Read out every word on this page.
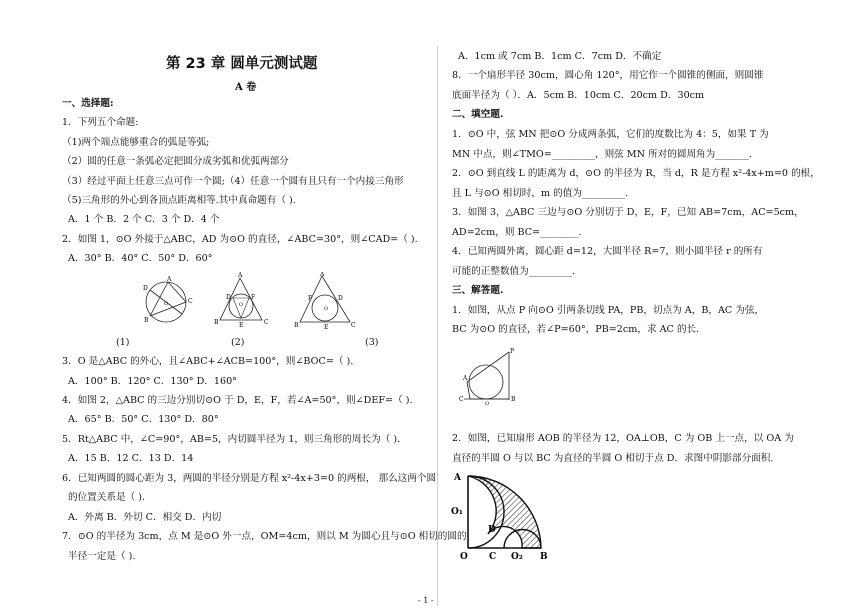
第 23 章 圆单元测试题
A 卷
一、选择题:
1．下列五个命题:
（1)两个端点能够重合的弧是等弧;
（2）圆的任意一条弧必定把圆分成劣弧和优弧两部分
（3）经过平面上任意三点可作一个圆;（4）任意一个圆有且只有一个内接三角形
（5)三角形的外心到各顶点距离相等.其中真命题有（ ).
A．1 个 B．2 个 C．3 个 D．4 个
2．如图 1，⊙O 外接于△ABC，AD 为⊙O 的直径，∠ABC=30°，则∠CAD=（ ).
A．30° B．40° C．50° D．60°
D
A
C
B
O
A
D	F
O
E	C
B
A
F	D
O
E
B	C
(1)	(2)	(3)
3．O 是△ABC 的外心，且∠ABC+∠ACB=100°，则∠BOC=（ ).
A．100° B．120° C．130° D．160°
4．如图 2，△ABC 的三边分别切⊙O 于 D，E，F，若∠A=50°，则∠DEF=（ ).
A．65° B．50° C．130° D．80°
5．Rt△ABC 中，∠C=90°，AB=5，内切圆半径为 1，则三角形的周长为（ ).
A．15 B．12 C．13 D．14
6．已知两圆的圆心距为 3，两圆的半径分别是方程 x²-4x+3=0 的两根， 那么这两个圆
的位置关系是（ ).
A．外离 B．外切 C．相交 D．内切
7．⊙O 的半径为 3cm，点 M 是⊙O 外一点，OM=4cm，则以 M 为圆心且与⊙O 相切的圆的
半径一定是（ ).
A．1cm 或 7cm B．1cm C．7cm D．不确定
8．一个扇形半径 30cm，圆心角 120°，用它作一个圆锥的侧面，则圆锥
底面半径为（ ）．A．5cm B．10cm C．20cm D．30cm
二、填空题.
1．⊙O 中，弦 MN 把⊙O 分成两条弧，它们的度数比为 4：5，如果 T 为
MN 中点，则∠TMO=_________，则弦 MN 所对的圆周角为_______.
2．⊙O 到直线 L 的距离为 d，⊙O 的半径为 R，当 d，R 是方程 x²-4x+m=0 的根，
且 L 与⊙O 相切时，m 的值为_________.
3．如图 3，△ABC 三边与⊙O 分别切于 D，E，F，已知 AB=7cm，AC=5cm，
AD=2cm，则 BC=________.
4．已知两圆外离，圆心距 d=12，大圆半径 R=7，则小圆半径 r 的所有
可能的正整数值为_________.
三、解答题.
1．如图，从点 P 向⊙O 引两条切线 PA，PB，切点为 A，B，AC 为弦，
BC 为⊙O 的直径，若∠P=60°，PB=2cm，求 AC 的长.
P
A
C	B
O
2．如图，已知扇形 AOB 的半径为 12，OA⊥OB，C 为 OB 上一点，以 OA 为
直径的半圆 O 与以 BC 为直径的半圆 O 相切于点 D．求图中阴影部分面积.
A
O₁
D
O C O₂ B
- 1 -
